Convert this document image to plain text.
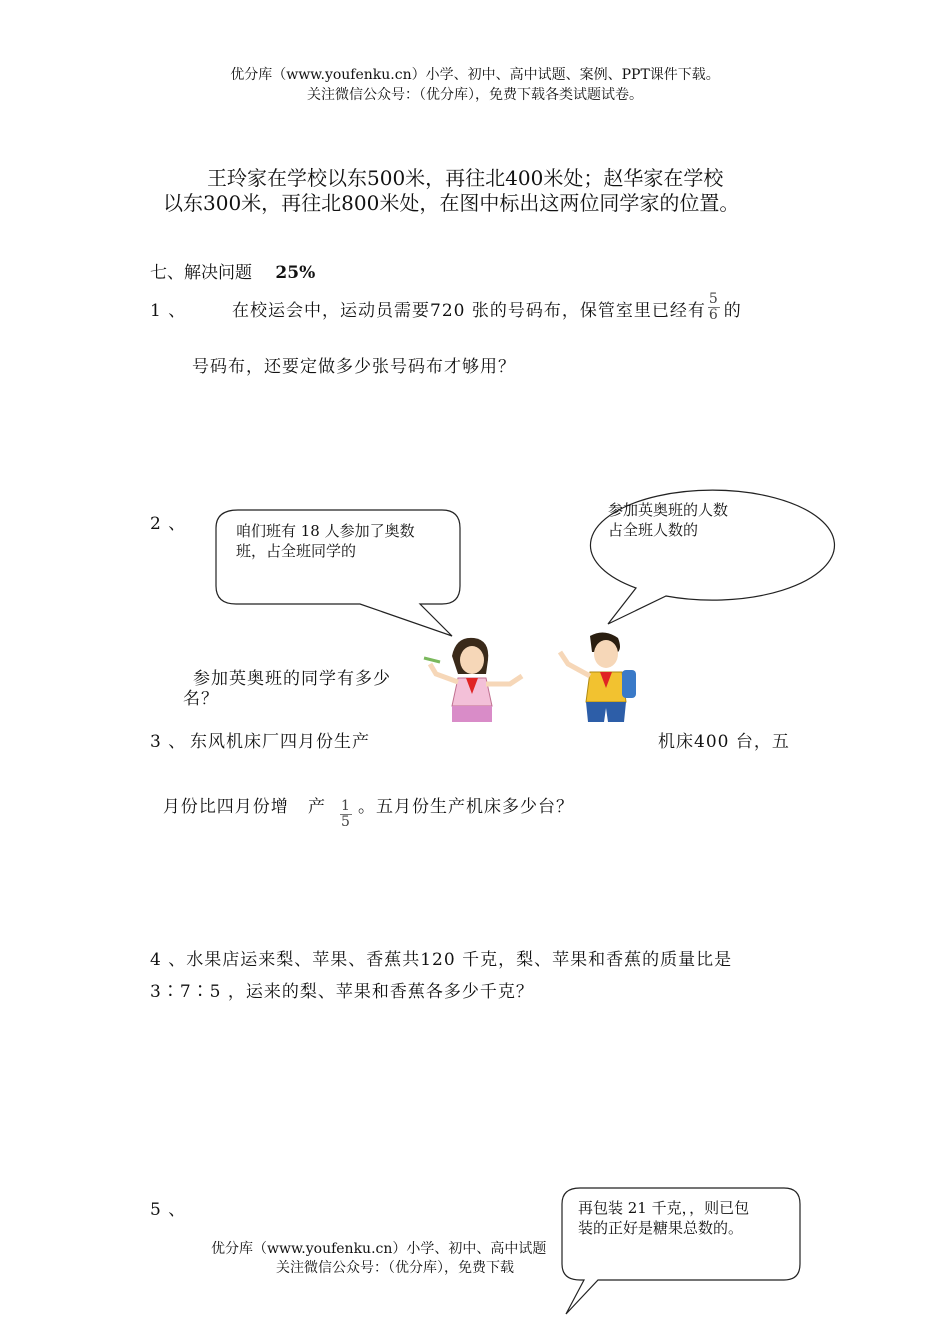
优分库（www.youfenku.cn）小学、初中、高中试题、案例、PPT课件下载。
关注微信公众号：（优分库），免费下载各类试题试卷。
王玲家在学校以东500米，再往北400米处；赵华家在学校
以东300米，再往北800米处，在图中标出这两位同学家的位置。
七、解决问题 25%
1 、	在校运会中，运动员需要720 张的号码布，保管室里已经有 $\frac{5}{6}$ 的
号码布，还要定做多少张号码布才够用？
2 、	咱们班有 18 人参加了奥数
班，占全班同学的
参加英奥班的人数
占全班人数的
参加英奥班的同学有多少
名？
3 、 东风机床厂四月份生产	机床400 台，五

月份比四月份增   产 $\frac{1}{5}$ 。五月份生产机床多少台？

4 、水果店运来梨、苹果、香蕉共120 千克，梨、苹果和香蕉的质量比是
3∶7∶5 ，运来的梨、苹果和香蕉各多少千克？
5 、	再包装 21 千克，，则已包
装的正好是糖果总数的。
优分库（www.youfenku.cn）小学、初中、高中试题
关注微信公众号：（优分库），免费下载
